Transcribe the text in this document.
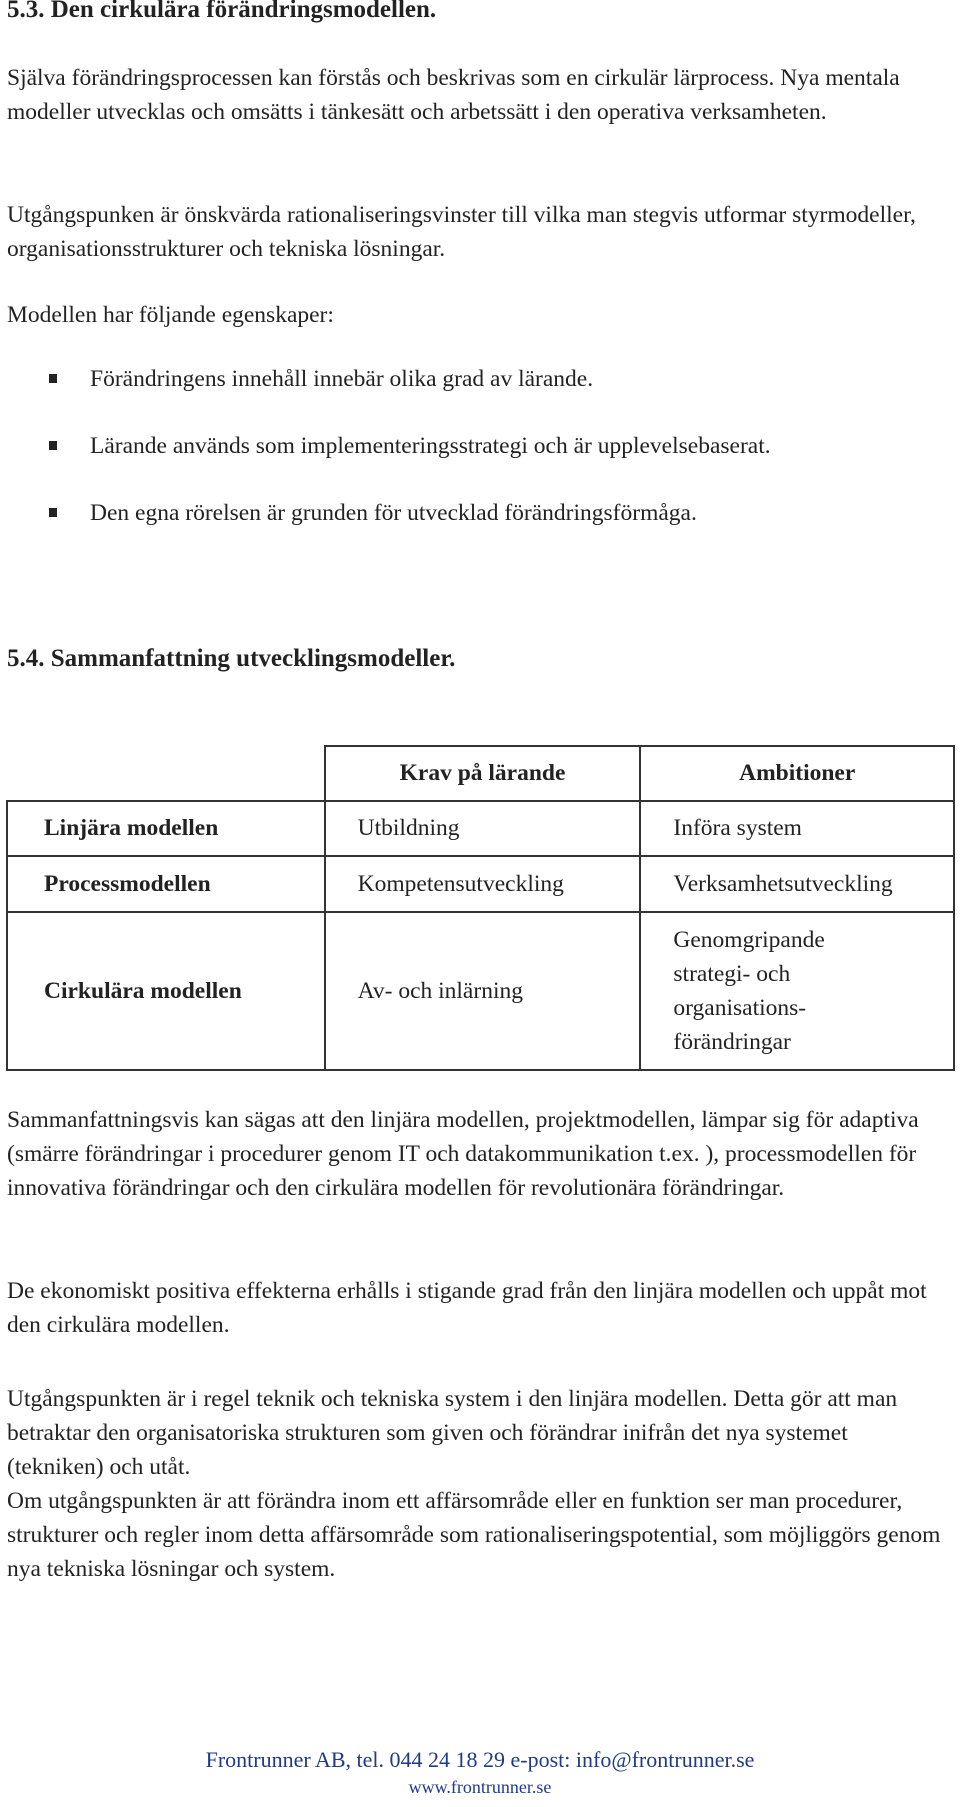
5.3. Den cirkulära förändringsmodellen.

Själva förändringsprocessen kan förstås och beskrivas som en cirkulär lärprocess. Nya mentala modeller utvecklas och omsätts i tänkesätt och arbetssätt i den operativa verksamheten.

Utgångspunken är önskvärda rationaliseringsvinster till vilka man stegvis utformar styrmodeller, organisationsstrukturer och tekniska lösningar.

Modellen har följande egenskaper:

Förändringens innehåll innebär olika grad av lärande.
Lärande används som implementeringsstrategi och är upplevelsebaserat.
Den egna rörelsen är grunden för utvecklad förändringsförmåga.
5.4. Sammanfattning utvecklingsmodeller.
	Krav på lärande	Ambitioner
Linjära modellen	Utbildning	Införa system
Processmodellen	Kompetensutveckling	Verksamhetsutveckling
Cirkulära modellen	Av- och inlärning	Genomgripande
strategi- och
organisations-
förändringar

Sammanfattningsvis kan sägas att den linjära modellen, projektmodellen, lämpar sig för adaptiva (smärre förändringar i procedurer genom IT och datakommunikation t.ex. ), processmodellen för innovativa förändringar och den cirkulära modellen för revolutionära förändringar.

De ekonomiskt positiva effekterna erhålls i stigande grad från den linjära modellen och uppåt mot den cirkulära modellen.

Utgångspunkten är i regel teknik och tekniska system i den linjära modellen. Detta gör att man betraktar den organisatoriska strukturen som given och förändrar inifrån det nya systemet (tekniken) och utåt.

Om utgångspunkten är att förändra inom ett affärsområde eller en funktion ser man procedurer, strukturer och regler inom detta affärsområde som rationaliseringspotential, som möjliggörs genom nya tekniska lösningar och system.

Frontrunner AB, tel. 044 24 18 29 e-post: info@frontrunner.se
www.frontrunner.se
